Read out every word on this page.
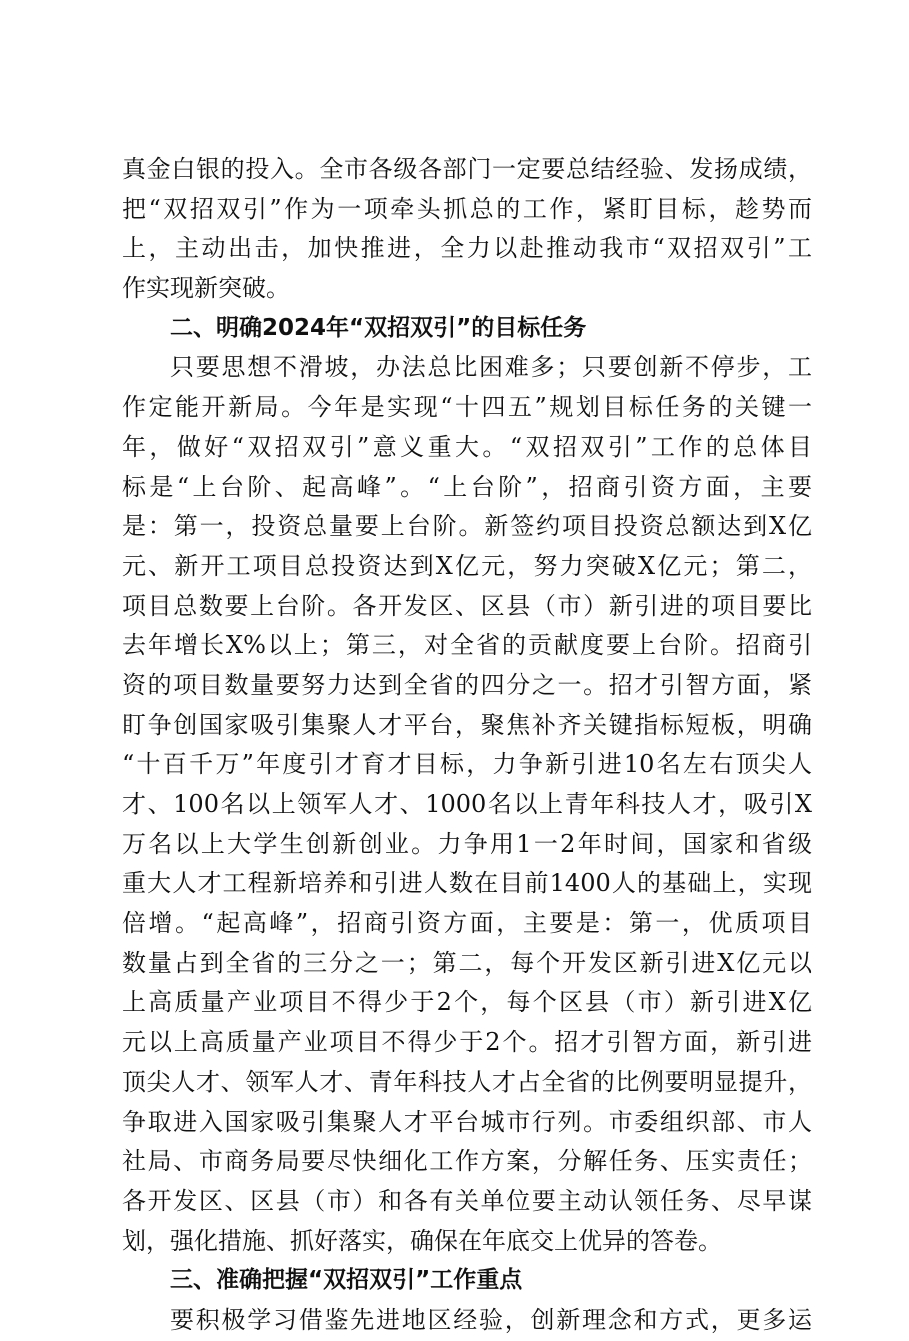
真金白银的投入。全市各级各部门一定要总结经验、发扬成绩，
把“双招双引”作为一项牵头抓总的工作，紧盯目标，趁势而
上，主动出击，加快推进，全力以赴推动我市“双招双引”工
作实现新突破。
二、明确2024年“双招双引”的目标任务
只要思想不滑坡，办法总比困难多；只要创新不停步，工
作定能开新局。今年是实现“十四五”规划目标任务的关键一
年，做好“双招双引”意义重大。“双招双引”工作的总体目
标是“上台阶、起高峰”。“上台阶”，招商引资方面，主要
是：第一，投资总量要上台阶。新签约项目投资总额达到X亿
元、新开工项目总投资达到X亿元，努力突破X亿元；第二，
项目总数要上台阶。各开发区、区县（市）新引进的项目要比
去年增长X%以上；第三，对全省的贡献度要上台阶。招商引
资的项目数量要努力达到全省的四分之一。招才引智方面，紧
盯争创国家吸引集聚人才平台，聚焦补齐关键指标短板，明确
“十百千万”年度引才育才目标，力争新引进10名左右顶尖人
才、100名以上领军人才、1000名以上青年科技人才，吸引X
万名以上大学生创新创业。力争用1一2年时间，国家和省级
重大人才工程新培养和引进人数在目前1400人的基础上，实现
倍增。“起高峰”，招商引资方面，主要是：第一，优质项目
数量占到全省的三分之一；第二，每个开发区新引进X亿元以
上高质量产业项目不得少于2个，每个区县（市）新引进X亿
元以上高质量产业项目不得少于2个。招才引智方面，新引进
顶尖人才、领军人才、青年科技人才占全省的比例要明显提升，
争取进入国家吸引集聚人才平台城市行列。市委组织部、市人
社局、市商务局要尽快细化工作方案，分解任务、压实责任；
各开发区、区县（市）和各有关单位要主动认领任务、尽早谋
划，强化措施、抓好落实，确保在年底交上优异的答卷。
三、准确把握“双招双引”工作重点
要积极学习借鉴先进地区经验，创新理念和方式，更多运
